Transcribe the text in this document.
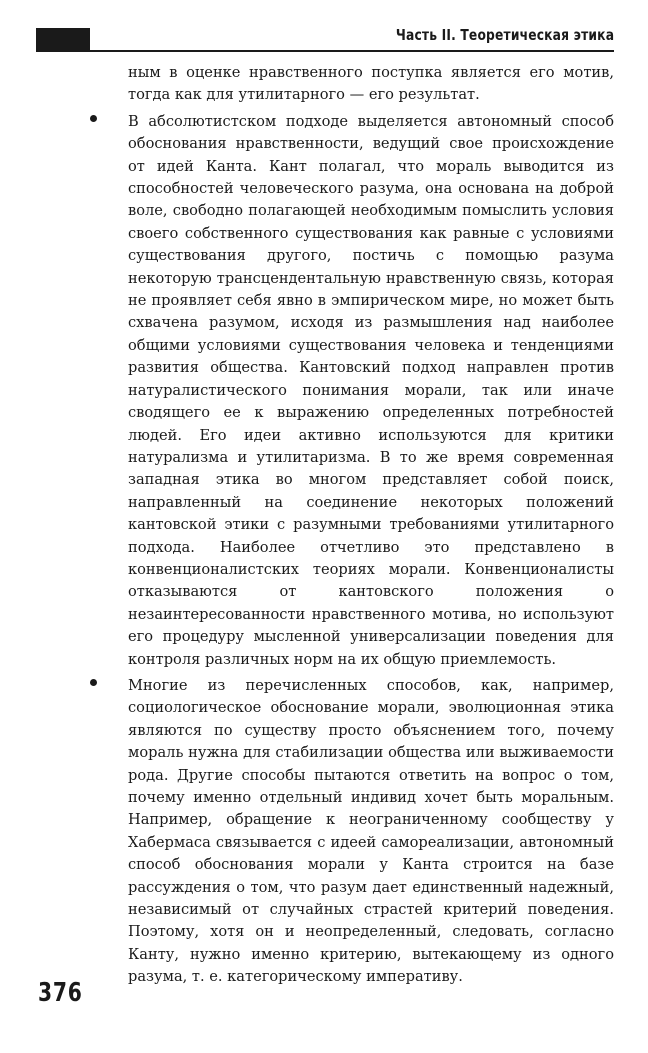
Часть II. Теоретическая этика

ным в оценке нравственного поступка является его мотив, тогда как для утилитарного — его результат.

В абсолютистском подходе выделяется автономный способ обоснования нравственности, ведущий свое происхождение от идей Канта. Кант полагал, что мораль выводится из способностей человеческого разума, она основана на доброй воле, свободно полагающей необходимым помыслить условия своего собственного существования как равные с условиями существования другого, постичь с помощью разума некоторую трансцендентальную нравственную связь, которая не проявляет себя явно в эмпирическом мире, но может быть схвачена разумом, исходя из размышления над наиболее общими условиями существования человека и тенденциями развития общества. Кантовский подход направлен против натуралистического понимания морали, так или иначе сводящего ее к выражению определенных потребностей людей. Его идеи активно используются для критики натурализма и утилитаризма. В то же время современная западная этика во многом представляет собой поиск, направленный на соединение некоторых положений кантовской этики с разумными требованиями утилитарного подхода. Наиболее отчетливо это представлено в конвенционалистских теориях морали. Конвенционалисты отказываются от кантовского положения о незаинтересованности нравственного мотива, но используют его процедуру мысленной универсализации поведения для контроля различных норм на их общую приемлемость.

Многие из перечисленных способов, как, например, социологическое обоснование морали, эволюционная этика являются по существу просто объяснением того, почему мораль нужна для стабилизации общества или выживаемости рода. Другие способы пытаются ответить на вопрос о том, почему именно отдельный индивид хочет быть моральным. Например, обращение к неограниченному сообществу у Хабермаса связывается с идеей самореализации, автономный способ обоснования морали у Канта строится на базе рассуждения о том, что разум дает единственный надежный, независимый от случайных страстей критерий поведения. Поэтому, хотя он и неопределенный, следовать, согласно Канту, нужно именно критерию, вытекающему из одного разума, т. е. категорическому императиву.

376
